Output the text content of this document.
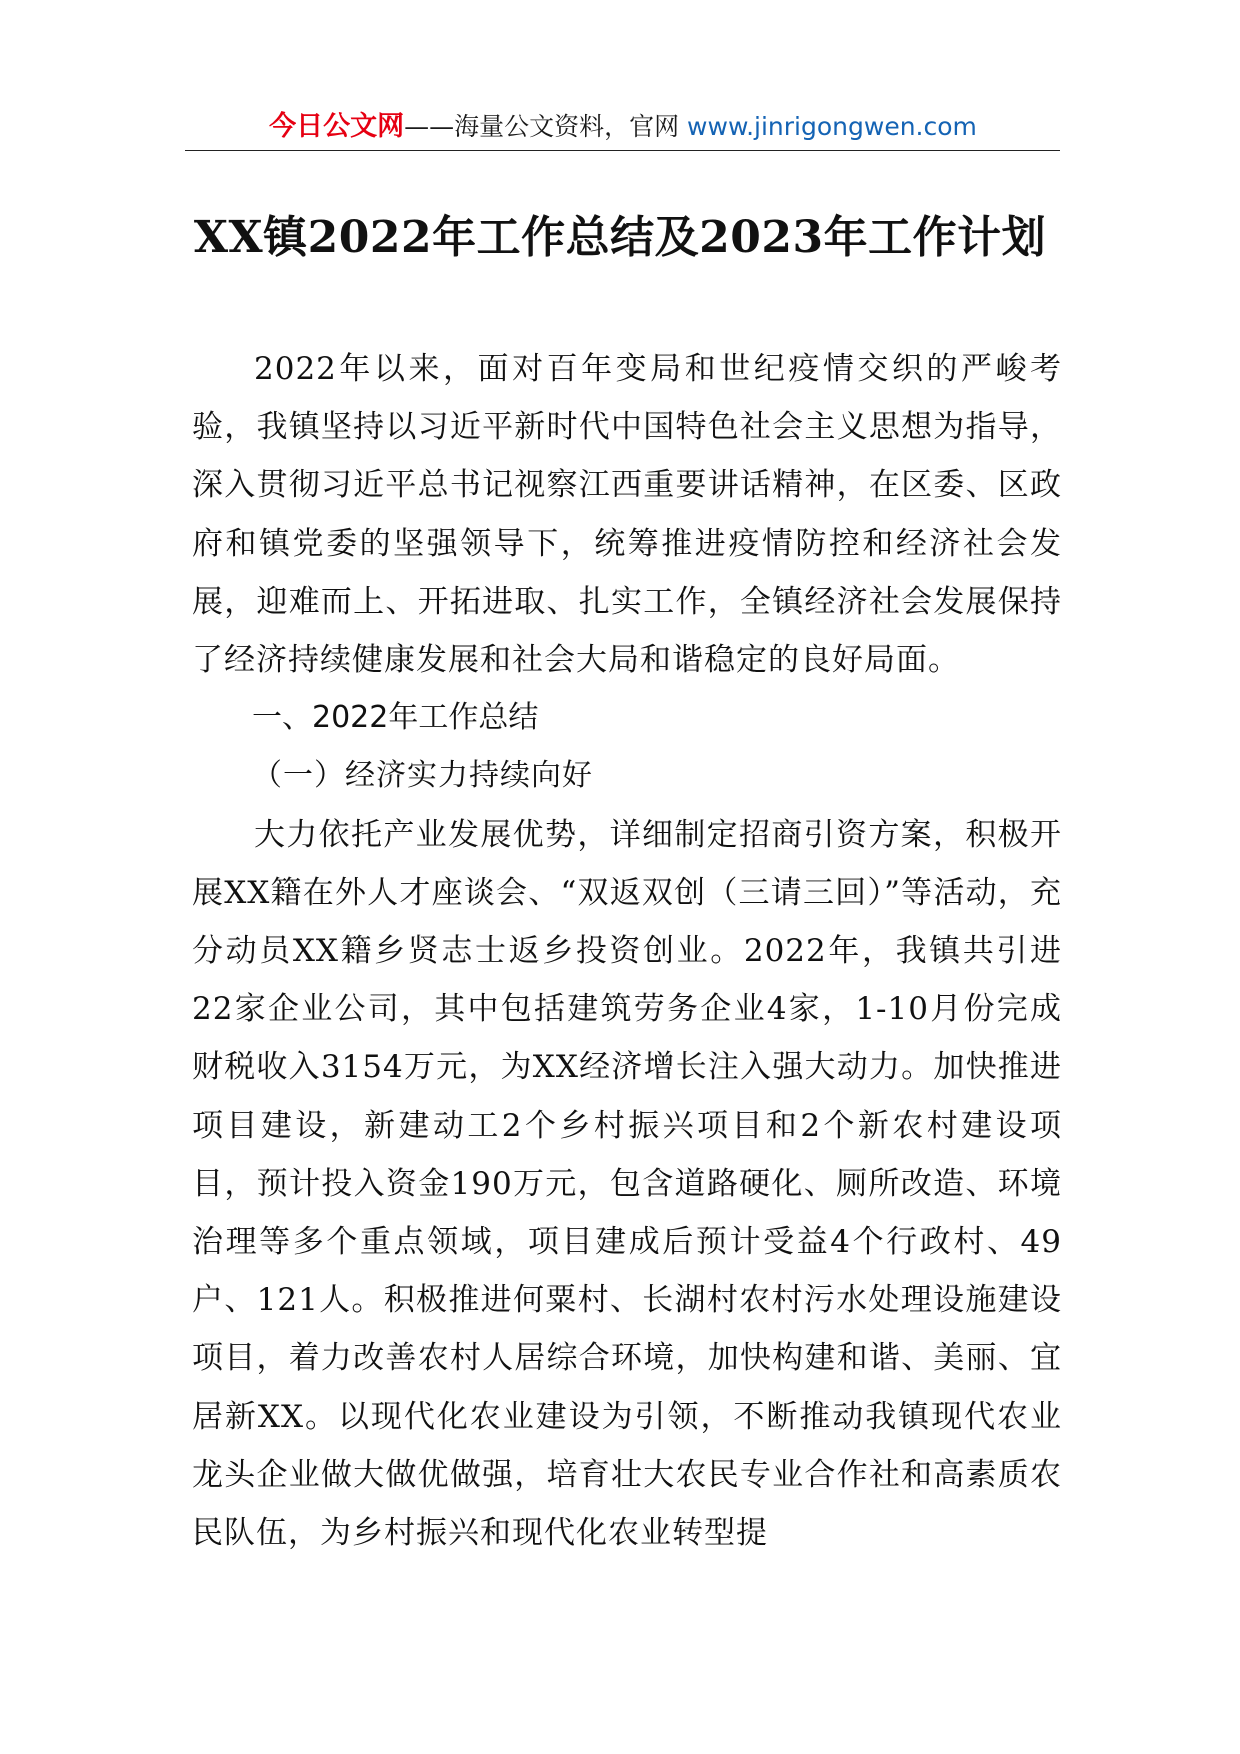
今日公文网——海量公文资料，官网 www.jinrigongwen.com
XX镇2022年工作总结及2023年工作计划

2022年以来，面对百年变局和世纪疫情交织的严峻考验，我镇坚持以习近平新时代中国特色社会主义思想为指导，深入贯彻习近平总书记视察江西重要讲话精神，在区委、区政府和镇党委的坚强领导下，统筹推进疫情防控和经济社会发展，迎难而上、开拓进取、扎实工作，全镇经济社会发展保持了经济持续健康发展和社会大局和谐稳定的良好局面。

一、2022年工作总结

（一）经济实力持续向好

大力依托产业发展优势，详细制定招商引资方案，积极开展XX籍在外人才座谈会、“双返双创（三请三回）”等活动，充分动员XX籍乡贤志士返乡投资创业。2022年，我镇共引进22家企业公司，其中包括建筑劳务企业4家，1-10月份完成财税收入3154万元，为XX经济增长注入强大动力。加快推进项目建设，新建动工2个乡村振兴项目和2个新农村建设项目，预计投入资金190万元，包含道路硬化、厕所改造、环境治理等多个重点领域，项目建成后预计受益4个行政村、49户、121人。积极推进何粟村、长湖村农村污水处理设施建设项目，着力改善农村人居综合环境，加快构建和谐、美丽、宜居新XX。以现代化农业建设为引领，不断推动我镇现代农业龙头企业做大做优做强，培育壮大农民专业合作社和高素质农民队伍，为乡村振兴和现代化农业转型提
